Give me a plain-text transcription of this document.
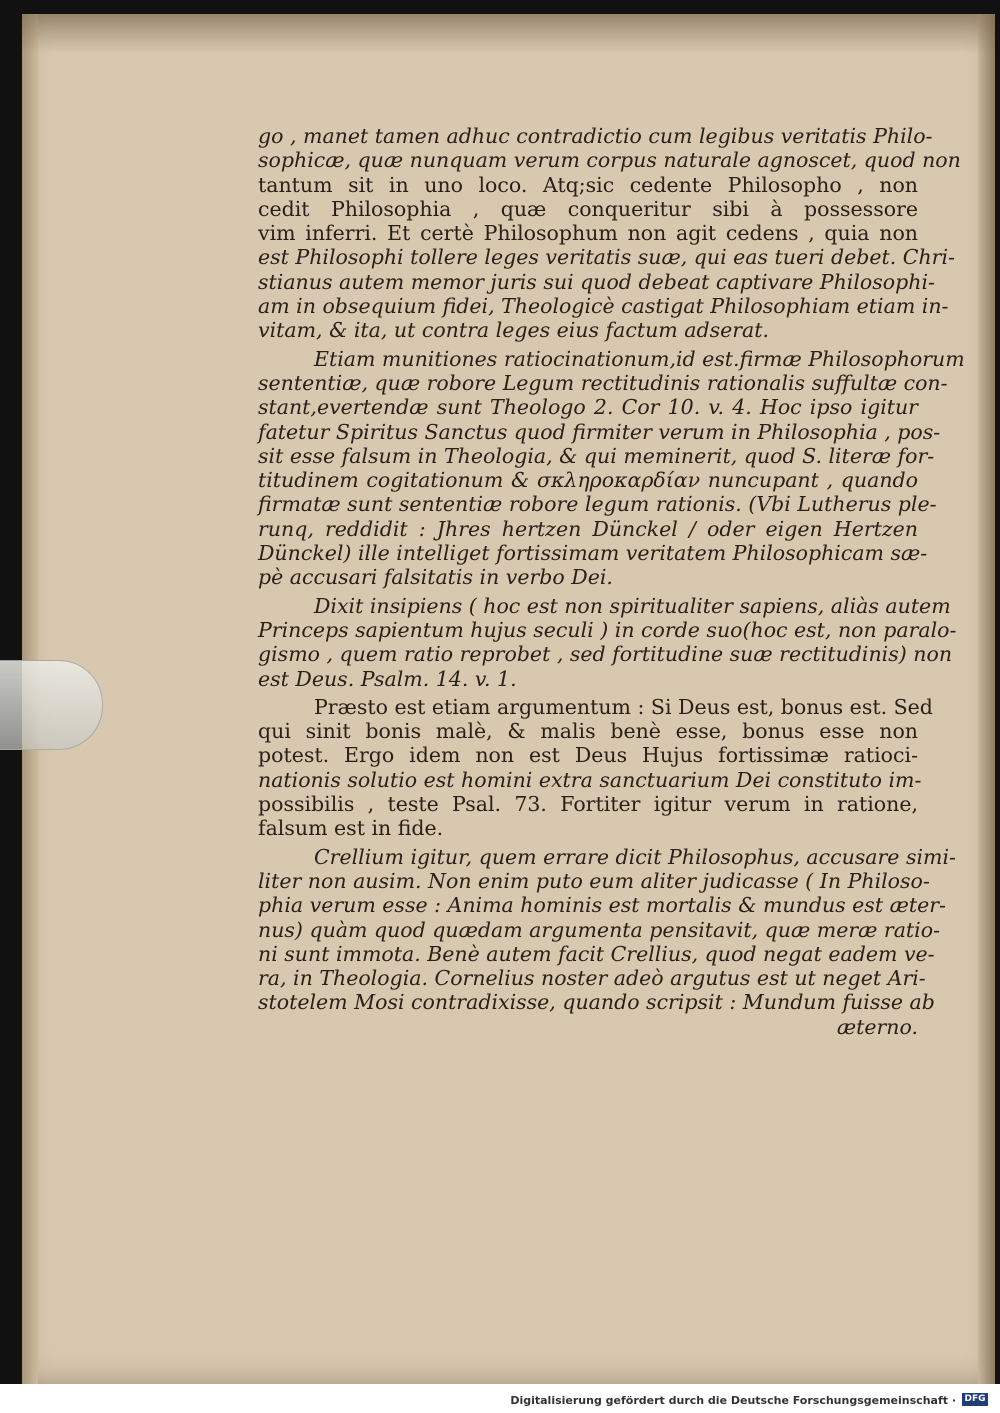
go , manet tamen adhuc contradictio cum legibus veritatis Philo-
sophicæ, quæ nunquam verum corpus naturale agnoscet, quod non
tantum sit in uno loco. Atq;sic cedente Philosopho , non
cedit Philosophia , quæ conqueritur sibi à possessore
vim inferri. Et certè Philosophum non agit cedens , quia non
est Philosophi tollere leges veritatis suæ, qui eas tueri debet. Chri-
stianus autem memor juris sui quod debeat captivare Philosophi-
am in obsequium fidei, Theologicè castigat Philosophiam etiam in-
vitam, & ita, ut contra leges eius factum adserat.
Etiam munitiones ratiocinationum,id est.firmæ Philosophorum
sententiæ, quæ robore Legum rectitudinis rationalis suffultæ con-
stant,evertendæ sunt Theologo 2. Cor 10. v. 4. Hoc ipso igitur
fatetur Spiritus Sanctus quod firmiter verum in Philosophia , pos-
sit esse falsum in Theologia, & qui meminerit, quod S. literæ for-
titudinem cogitationum & σκληροκαρδίαν nuncupant , quando
firmatæ sunt sententiæ robore legum rationis. (Vbi Lutherus ple-
runq, reddidit : Jhres hertzen Dünckel / oder eigen Hertzen
Dünckel) ille intelliget fortissimam veritatem Philosophicam sæ-
pè accusari falsitatis in verbo Dei.
Dixit insipiens ( hoc est non spiritualiter sapiens, aliàs autem
Princeps sapientum hujus seculi ) in corde suo(hoc est, non paralo-
gismo , quem ratio reprobet , sed fortitudine suæ rectitudinis) non
est Deus. Psalm. 14. v. 1.
Præsto est etiam argumentum : Si Deus est, bonus est. Sed
qui sinit bonis malè, & malis benè esse, bonus esse non
potest. Ergo idem non est Deus Hujus fortissimæ ratioci-
nationis solutio est homini extra sanctuarium Dei constituto im-
possibilis , teste Psal. 73. Fortiter igitur verum in ratione,
falsum est in fide.
Crellium igitur, quem errare dicit Philosophus, accusare simi-
liter non ausim. Non enim puto eum aliter judicasse ( In Philoso-
phia verum esse : Anima hominis est mortalis & mundus est æter-
nus) quàm quod quædam argumenta pensitavit, quæ meræ ratio-
ni sunt immota. Benè autem facit Crellius, quod negat eadem ve-
ra, in Theologia. Cornelius noster adeò argutus est ut neget Ari-
stotelem Mosi contradixisse, quando scripsit : Mundum fuisse ab
æterno.
Digitalisierung gefördert durch die Deutsche Forschungsgemeinschaft · DFG
